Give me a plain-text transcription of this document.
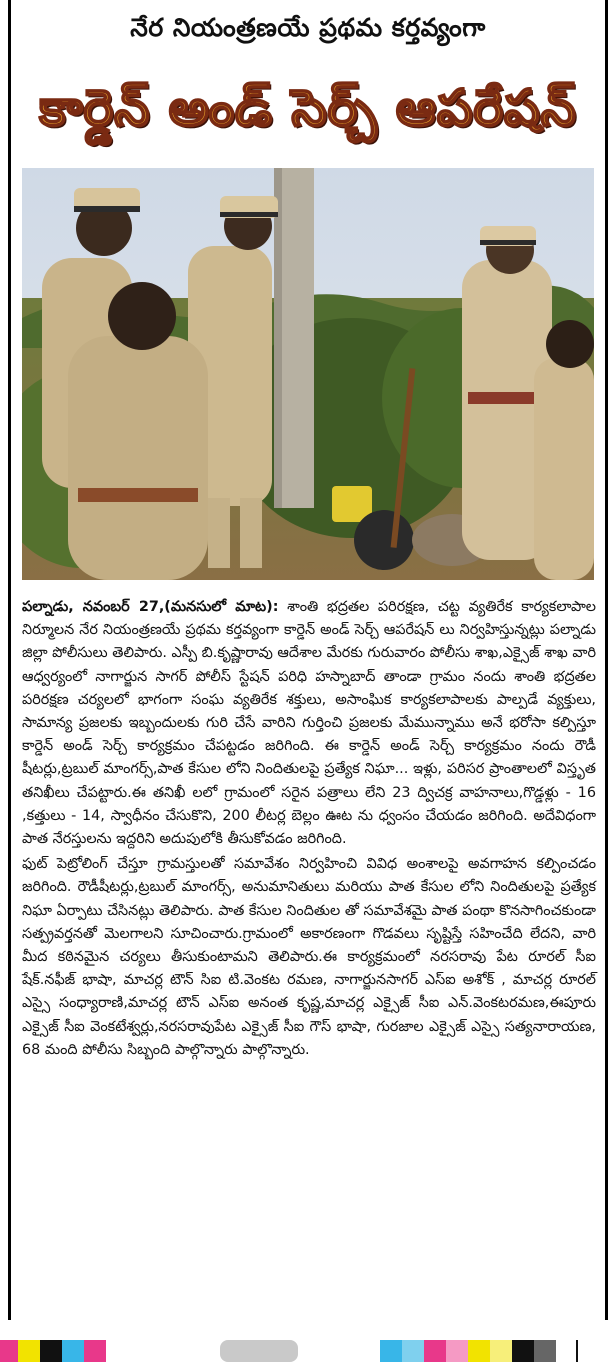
నేర నియంత్రణయే ప్రథమ కర్తవ్యంగా
కార్డెన్ అండ్ సెర్చ్ ఆపరేషన్

పల్నాడు, నవంబర్ 27,(మనసులో మాట): శాంతి భద్రతల పరిరక్షణ, చట్ట వ్యతిరేక కార్యకలాపాల నిర్మూలన నేర నియంత్రణయే ప్రథమ కర్తవ్యంగా కార్డెన్ అండ్ సెర్చ్ ఆపరేషన్ లు నిర్వహిస్తున్నట్లు పల్నాడు జిల్లా పోలీసులు తెలిపారు. ఎస్పీ బి.కృష్ణారావు ఆదేశాల మేరకు గురువారం పోలీసు శాఖ,ఎక్సైజ్ శాఖ వారి ఆధ్వర్యంలో నాగార్జున సాగర్ పోలీస్ స్టేషన్ పరిధి హస్నాబాద్ తాండా గ్రామం నందు శాంతి భద్రతల పరిరక్షణ చర్యలలో భాగంగా సంఘ వ్యతిరేక శక్తులు, అసాంఘిక కార్యకలాపాలకు పాల్పడే వ్యక్తులు, సామాన్య ప్రజలకు ఇబ్బందులకు గురి చేసే వారిని గుర్తించి ప్రజలకు మేమున్నాము అనే భరోసా కల్పిస్తూ కార్డెన్ అండ్ సెర్చ్ కార్యక్రమం చేపట్టడం జరిగింది. ఈ కార్డెన్ అండ్ సెర్చ్ కార్యక్రమం నందు రౌడీ షీటర్లు,ట్రబుల్ మాంగర్స్,పాత కేసుల లోని నిందితులపై ప్రత్యేక నిఘా... ఇళ్లు, పరిసర ప్రాంతాలలో విస్తృత తనిఖీలు చేపట్టారు.ఈ తనిఖీ లలో గ్రామంలో సరైన పత్రాలు లేని 23 ద్విచక్ర వాహనాలు,గొడ్డళ్లు - 16 ,కత్తులు - 14, స్వాధీనం చేసుకొని, 200 లీటర్ల బెల్లం ఊట ను ధ్వంసం చేయడం జరిగింది. అదేవిధంగా పాత నేరస్తులను ఇద్దరిని అదుపులోకి తీసుకోవడం జరిగింది.

ఫుట్ పెట్రోలింగ్ చేస్తూ గ్రామస్తులతో సమావేశం నిర్వహించి వివిధ అంశాలపై అవగాహన కల్పించడం జరిగింది. రౌడీషీటర్లు,ట్రబుల్ మాంగర్స్, అనుమానితులు మరియు పాత కేసుల లోని నిందితులపై ప్రత్యేక నిఘా ఏర్పాటు చేసినట్లు తెలిపారు. పాత కేసుల నిందితుల తో సమావేశమై పాత పంథా కొనసాగించకుండా సత్ప్రవర్తనతో మెలగాలని సూచించారు.గ్రామంలో అకారణంగా గొడవలు సృష్టిస్తే సహించేది లేదని, వారి మీద కఠినమైన చర్యలు తీసుకుంటామని తెలిపారు.ఈ కార్యక్రమంలో నరసరావు పేట రూరల్ సీఐ షేక్.నఫీజ్ భాషా, మాచర్ల టౌన్ సిఐ టి.వెంకట రమణ, నాగార్జునసాగర్ ఎస్ఐ అశోక్ , మాచర్ల రూరల్ ఎస్సై సంధ్యారాణి,మాచర్ల టౌన్ ఎస్ఐ అనంత కృష్ణ,మాచర్ల ఎక్సైజ్ సీఐ ఎన్.వెంకటరమణ,ఈపూరు ఎక్సైజ్ సీఐ వెంకటేశ్వర్లు,నరసరావుపేట ఎక్సైజ్ సీఐ గౌస్ భాషా, గురజాల ఎక్సైజ్ ఎస్సై సత్యనారాయణ, 68 మంది పోలీసు సిబ్బంది పాల్గొన్నారు పాల్గొన్నారు.
